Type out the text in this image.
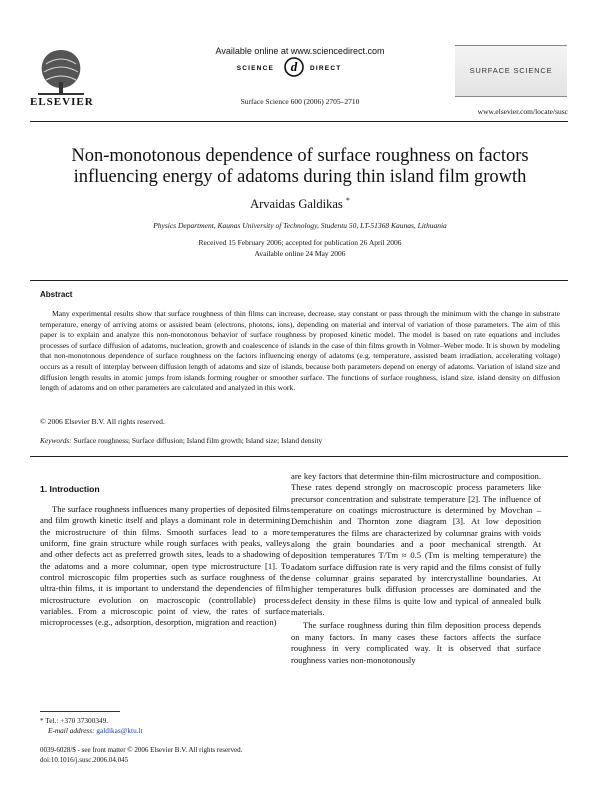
ELSEVIER
Available online at www.sciencedirect.com
SCIENCE d DIRECT
Surface Science 600 (2006) 2705–2710
SURFACE SCIENCE
www.elsevier.com/locate/susc
Non-monotonous dependence of surface roughness on factors
influencing energy of adatoms during thin island film growth
Arvaidas Galdikas *
Physics Department, Kaunas University of Technology, Studentu 50, LT-51368 Kaunas, Lithuania
Received 15 February 2006; accepted for publication 26 April 2006
Available online 24 May 2006
Abstract
Many experimental results show that surface roughness of thin films can increase, decrease, stay constant or pass through the minimum with the change in substrate temperature, energy of arriving atoms or assisted beam (electrons, photons, ions), depending on material and interval of variation of those parameters. The aim of this paper is to explain and analyze this non-monotonous behavior of surface roughness by proposed kinetic model. The model is based on rate equations and includes processes of surface diffusion of adatoms, nucleation, growth and coalescence of islands in the case of thin films growth in Volmer–Weber mode. It is shown by modeling that non-monotonous dependence of surface roughness on the factors influencing energy of adatoms (e.g. temperature, assisted beam irradiation, accelerating voltage) occurs as a result of interplay between diffusion length of adatoms and size of islands, because both parameters depend on energy of adatoms. Variation of island size and diffusion length results in atomic jumps from islands forming rougher or smoother surface. The functions of surface roughness, island size, island density on diffusion length of adatoms and on other parameters are calculated and analyzed in this work.
© 2006 Elsevier B.V. All rights reserved.
Keywords: Surface roughness; Surface diffusion; Island film growth; Island size; Island density
1. Introduction

The surface roughness influences many properties of deposited films and film growth kinetic itself and plays a dominant role in determining the microstructure of thin films. Smooth surfaces lead to a more uniform, fine grain structure while rough surfaces with peaks, valleys and other defects act as preferred growth sites, leads to a shadowing of the adatoms and a more columnar, open type microstructure [1]. To control microscopic film properties such as surface roughness of the ultra-thin films, it is important to understand the dependencies of film microstructure evolution on macroscopic (controllable) process variables. From a microscopic point of view, the rates of surface microprocesses (e.g., adsorption, desorption, migration and reaction)

are key factors that determine thin-film microstructure and composition. These rates depend strongly on macroscopic process parameters like precursor concentration and substrate temperature [2]. The influence of temperature on coatings microstructure is determined by Movchan – Demchishin and Thornton zone diagram [3]. At low deposition temperatures the films are characterized by columnar grains with voids along the grain boundaries and a poor mechanical strength. At deposition temperatures T/Tm ≈ 0.5 (Tm is melting temperature) the adatom surface diffusion rate is very rapid and the films consist of fully dense columnar grains separated by intercrystalline boundaries. At higher temperatures bulk diffusion processes are dominated and the defect density in these films is quite low and typical of annealed bulk materials.

The surface roughness during thin film deposition process depends on many factors. In many cases these factors affects the surface roughness in very complicated way. It is observed that surface roughness varies non-monotonously

* Tel.: +370 37300349.
E-mail address: galdikas@ktu.lt
0039-6028/$ - see front matter © 2006 Elsevier B.V. All rights reserved.
doi:10.1016/j.susc.2006.04.045
